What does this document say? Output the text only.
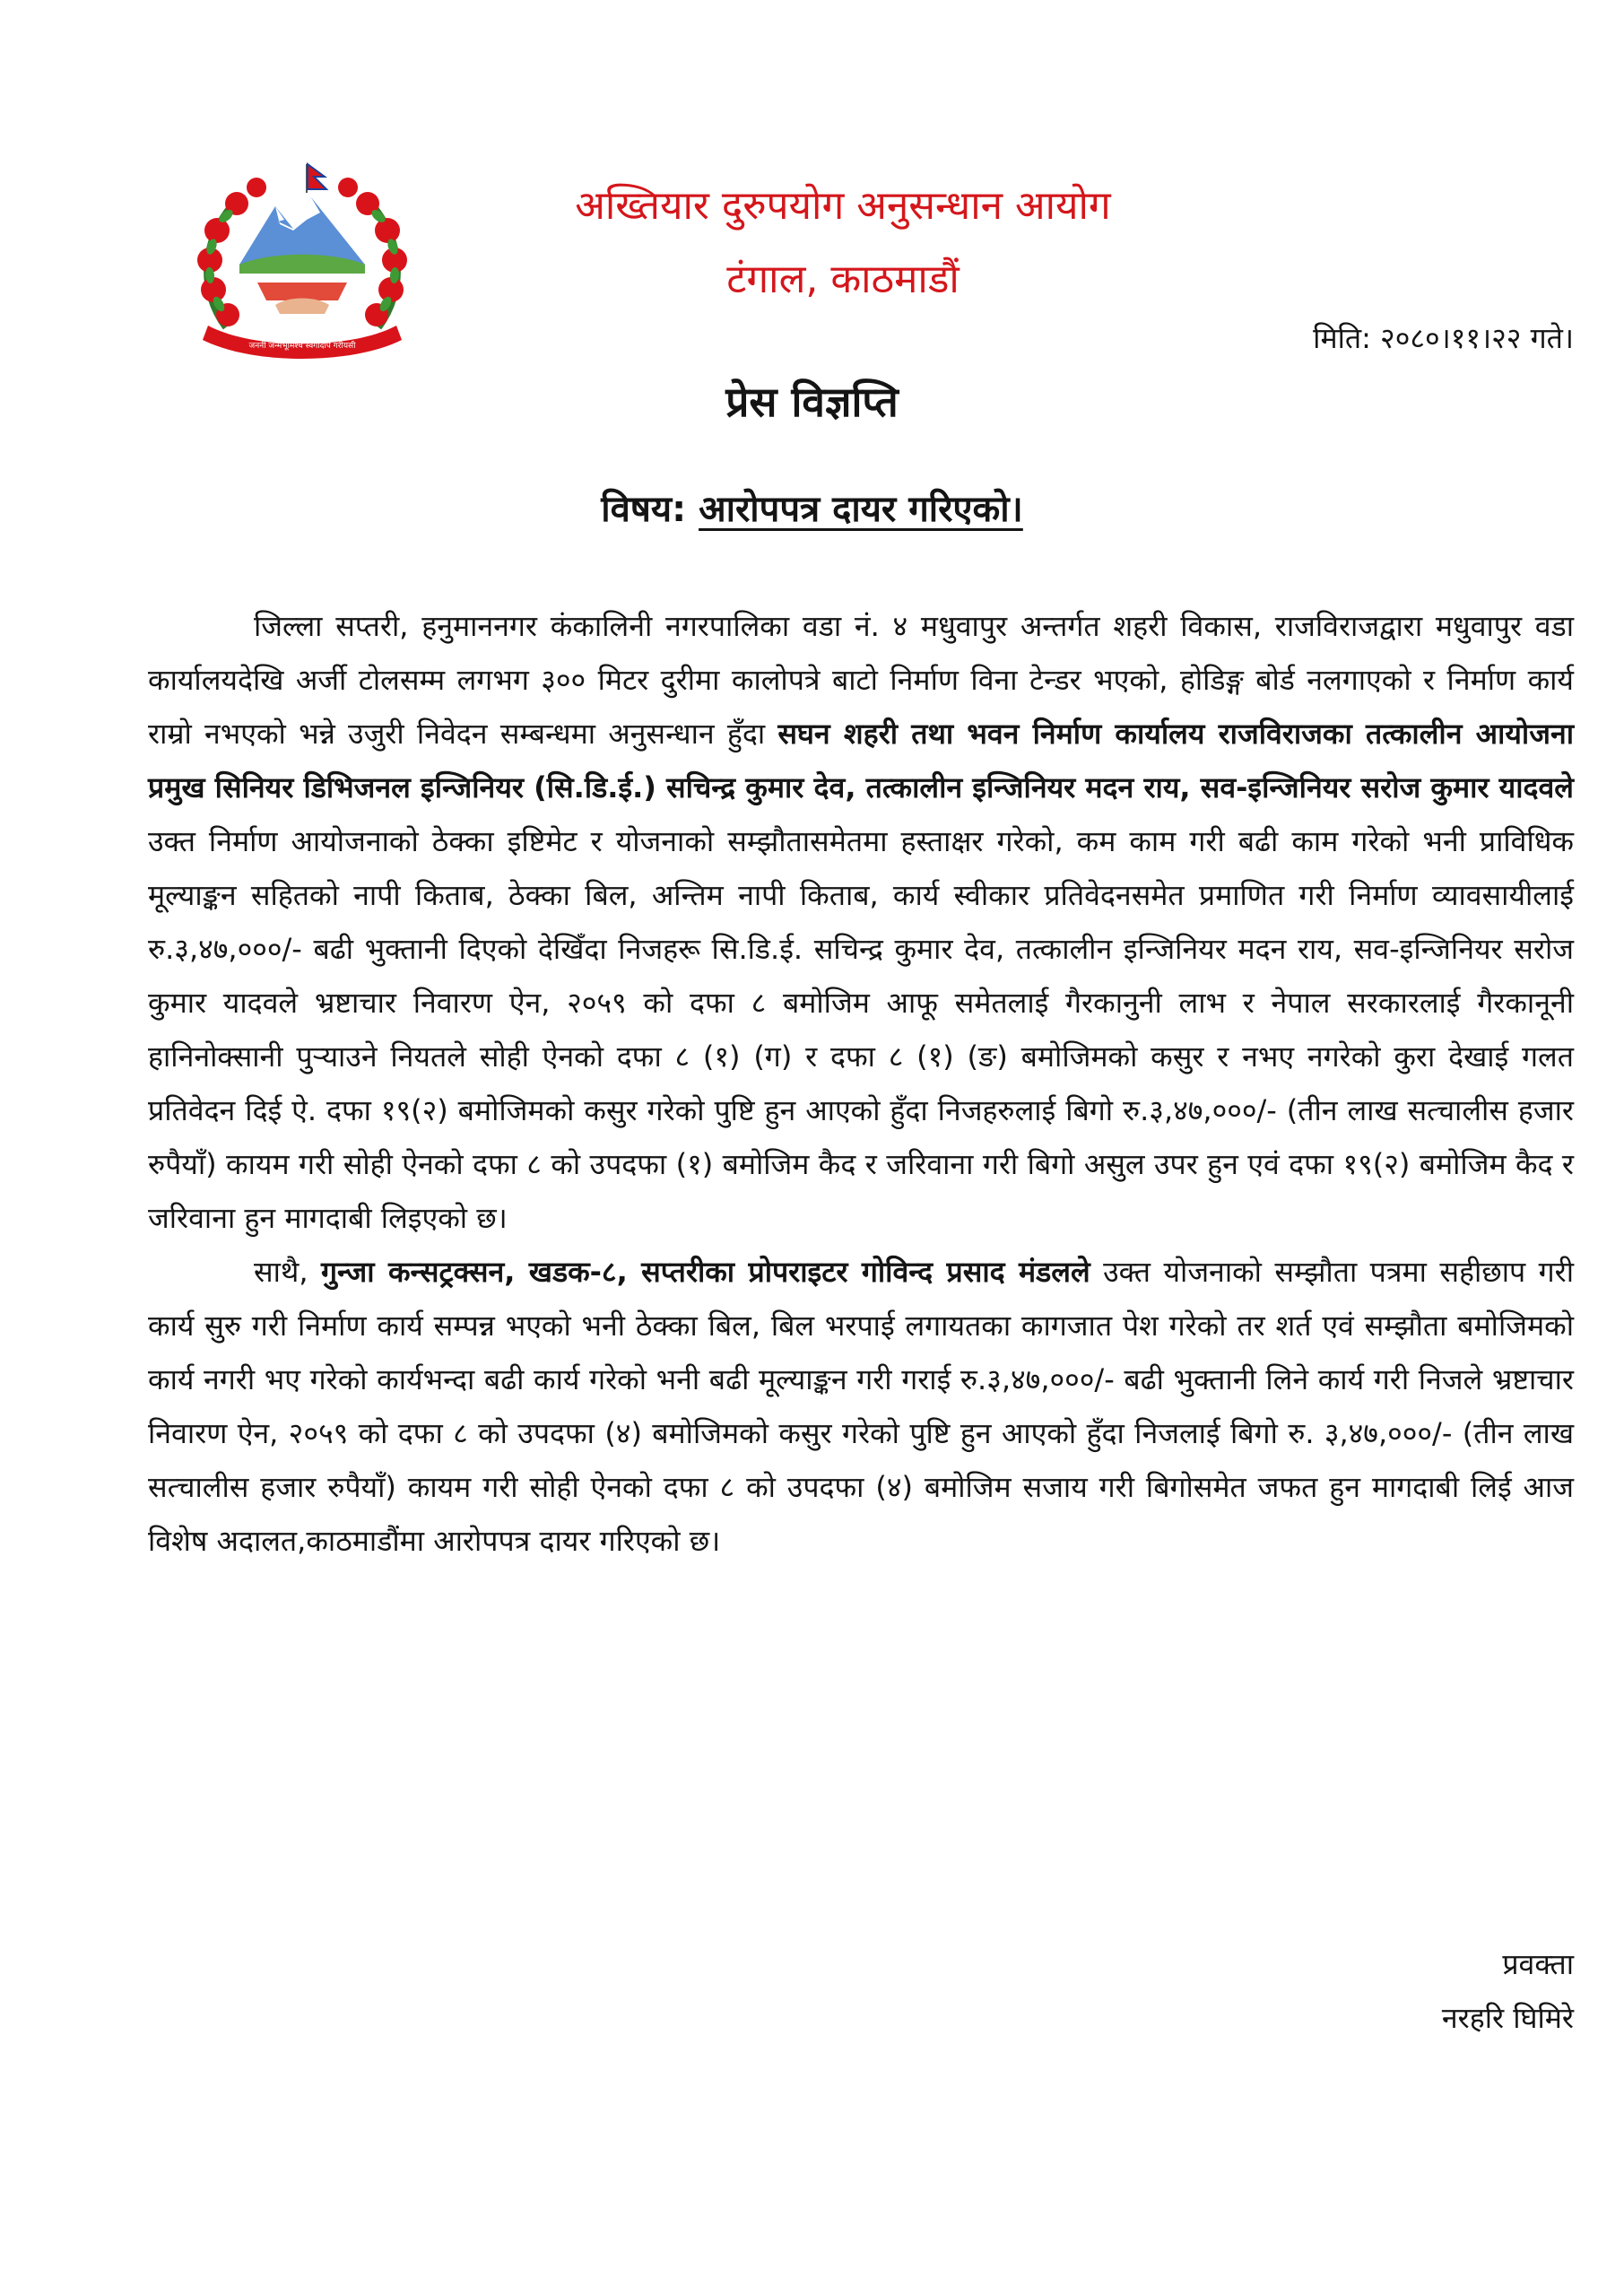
जननी जन्मभूमिश्च स्वर्गादपि गरीयसी
अख्तियार दुरुपयोग अनुसन्धान आयोग
टंगाल, काठमाडौं
मिति: २०८०।११।२२ गते।
प्रेस विज्ञप्ति
विषय: आरोपपत्र दायर गरिएको।

जिल्ला सप्तरी, हनुमाननगर कंकालिनी नगरपालिका वडा नं. ४ मधुवापुर अन्तर्गत शहरी विकास, राजविराजद्वारा मधुवापुर वडा कार्यालयदेखि अर्जी टोलसम्म लगभग ३०० मिटर दुरीमा कालोपत्रे बाटो निर्माण विना टेन्डर भएको, होडिङ्ग बोर्ड नलगाएको र निर्माण कार्य राम्रो नभएको भन्ने उजुरी निवेदन सम्बन्धमा अनुसन्धान हुँदा सघन शहरी तथा भवन निर्माण कार्यालय राजविराजका तत्कालीन आयोजना प्रमुख सिनियर डिभिजनल इन्जिनियर (सि.डि.ई.) सचिन्द्र कुमार देव, तत्कालीन इन्जिनियर मदन राय, सव-इन्जिनियर सरोज कुमार यादवले उक्त निर्माण आयोजनाको ठेक्का इष्टिमेट र योजनाको सम्झौतासमेतमा हस्ताक्षर गरेको, कम काम गरी बढी काम गरेको भनी प्राविधिक मूल्याङ्कन सहितको नापी किताब, ठेक्का बिल, अन्तिम नापी किताब, कार्य स्वीकार प्रतिवेदनसमेत प्रमाणित गरी निर्माण व्यावसायीलाई रु.३,४७,०००/- बढी भुक्तानी दिएको देखिँदा निजहरू सि.डि.ई. सचिन्द्र कुमार देव, तत्कालीन इन्जिनियर मदन राय, सव-इन्जिनियर सरोज कुमार यादवले भ्रष्टाचार निवारण ऐन, २०५९ को दफा ८ बमोजिम आफू समेतलाई गैरकानुनी लाभ र नेपाल सरकारलाई गैरकानूनी हानिनोक्सानी पुर्‍याउने नियतले सोही ऐनको दफा ८ (१) (ग) र दफा ८ (१) (ङ) बमोजिमको कसुर र नभए नगरेको कुरा देखाई गलत प्रतिवेदन दिई ऐ. दफा १९(२) बमोजिमको कसुर गरेको पुष्टि हुन आएको हुँदा निजहरुलाई बिगो रु.३,४७,०००/- (तीन लाख सत्चालीस हजार रुपैयाँ) कायम गरी सोही ऐनको दफा ८ को उपदफा (१) बमोजिम कैद र जरिवाना गरी बिगो असुल उपर हुन एवं दफा १९(२) बमोजिम कैद र जरिवाना हुन मागदाबी लिइएको छ।

साथै, गुन्जा कन्सट्रक्सन, खडक-८, सप्तरीका प्रोपराइटर गोविन्द प्रसाद मंडलले उक्त योजनाको सम्झौता पत्रमा सहीछाप गरी कार्य सुरु गरी निर्माण कार्य सम्पन्न भएको भनी ठेक्का बिल, बिल भरपाई लगायतका कागजात पेश गरेको तर शर्त एवं सम्झौता बमोजिमको कार्य नगरी भए गरेको कार्यभन्दा बढी कार्य गरेको भनी बढी मूल्याङ्कन गरी गराई रु.३,४७,०००/- बढी भुक्तानी लिने कार्य गरी निजले भ्रष्टाचार निवारण ऐन, २०५९ को दफा ८ को उपदफा (४) बमोजिमको कसुर गरेको पुष्टि हुन आएको हुँदा निजलाई बिगो रु. ३,४७,०००/- (तीन लाख सत्चालीस हजार रुपैयाँ) कायम गरी सोही ऐनको दफा ८ को उपदफा (४) बमोजिम सजाय गरी बिगोसमेत जफत हुन मागदाबी लिई आज विशेष अदालत,काठमाडौंमा आरोपपत्र दायर गरिएको छ।

प्रवक्ता
नरहरि घिमिरे
